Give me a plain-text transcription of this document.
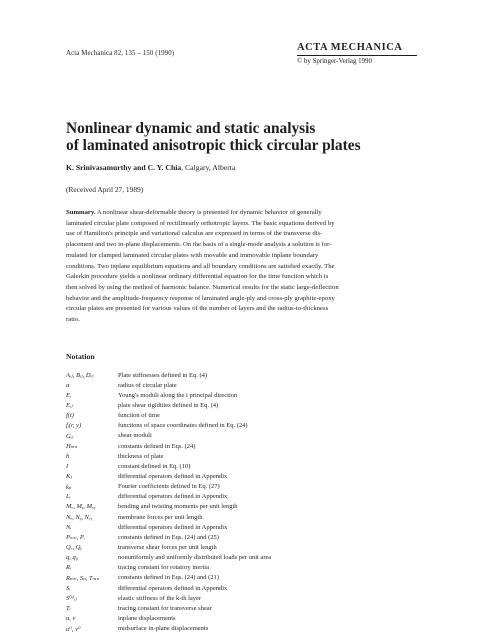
Acta Mechanica 82, 135 – 150 (1990)
ACTA MECHANICA
© by Springer-Verlag 1990
Nonlinear dynamic and static analysis
of laminated anisotropic thick circular plates
K. Srinivasamurthy and C. Y. Chia, Calgary, Alberta
(Received April 27, 1989)
Summary. A nonlinear shear-deformable theory is presented for dynamic behavior of generally
laminated circular plate composed of rectilinearly orthotropic layers. The basic equations derived by
use of Hamilton's principle and variational calculus are expressed in terms of the transverse dis-
placement and two in-plane displacements. On the basis of a single-mode analysis a solution is for-
mulated for clamped laminated circular plates with movable and immovable inplane boundary
conditions. Two inplane equilibrium equations and all boundary conditions are satisfied exactly. The
Galerkin procedure yields a nonlinear ordinary differential equation for the time function which is
then solved by using the method of harmonic balance. Numerical results for the static large-deflection
behavior and the amplitude-frequency response of laminated angle-ply and cross-ply graphite-epoxy
circular plates are presented for various values of the number of layers and the radius-to-thickness
ratio.
Notation
Aᵢⱼ, Bᵢⱼ, Dᵢⱼ	Plate stiffnesses defined in Eq. (4)
a	radius of circular plate
Eᵢ	Young's moduli along the i principal direction
Eᵢⱼ	plate shear rigidities defined in Eq. (4)
f(t)	function of time
fᵢ(r, y)	functions of space coordinates defined in Eq. (24)
Gᵢⱼ	shear moduli
Hₘₙ	constants defined in Eqs. (24)
h	thickness of plate
I	constant defined in Eq. (10)
Kⱼ	differential operators defined in Appendix
kₙ	Fourier coefficients defined in Eq. (27)
Lᵢ	differential operators defined in Appendix
Mₓ, Mᵧ, Mₓᵧ	bending and twisting moments per unit length
Nₓ, Nᵧ, Nₓᵧ	membrane forces per unit length
Nᵢ	differential operators defined in Appendix
Pₘₙ, Pᵢ	constants defined in Eqs. (24) and (25)
Qₓ, Qᵧ	transverse shear forces per unit length
q, q₀	nonuniformly and uniformly distributed loads per unit area
Rᵢ	tracing constant for rotatory inertia
Rₘₙ, Sₙ, Tₘₙ	constants defined in Eqs. (24) and (21)
Sᵢ	differential operators defined in Appendix
S⁽ᵏ⁾ᵢⱼ	elastic stiffness of the k-th layer
Tᵣ	tracing constant for transverse shear
u, v	inplane displacements
u⁰, v⁰	midsurface in-plane displacements
